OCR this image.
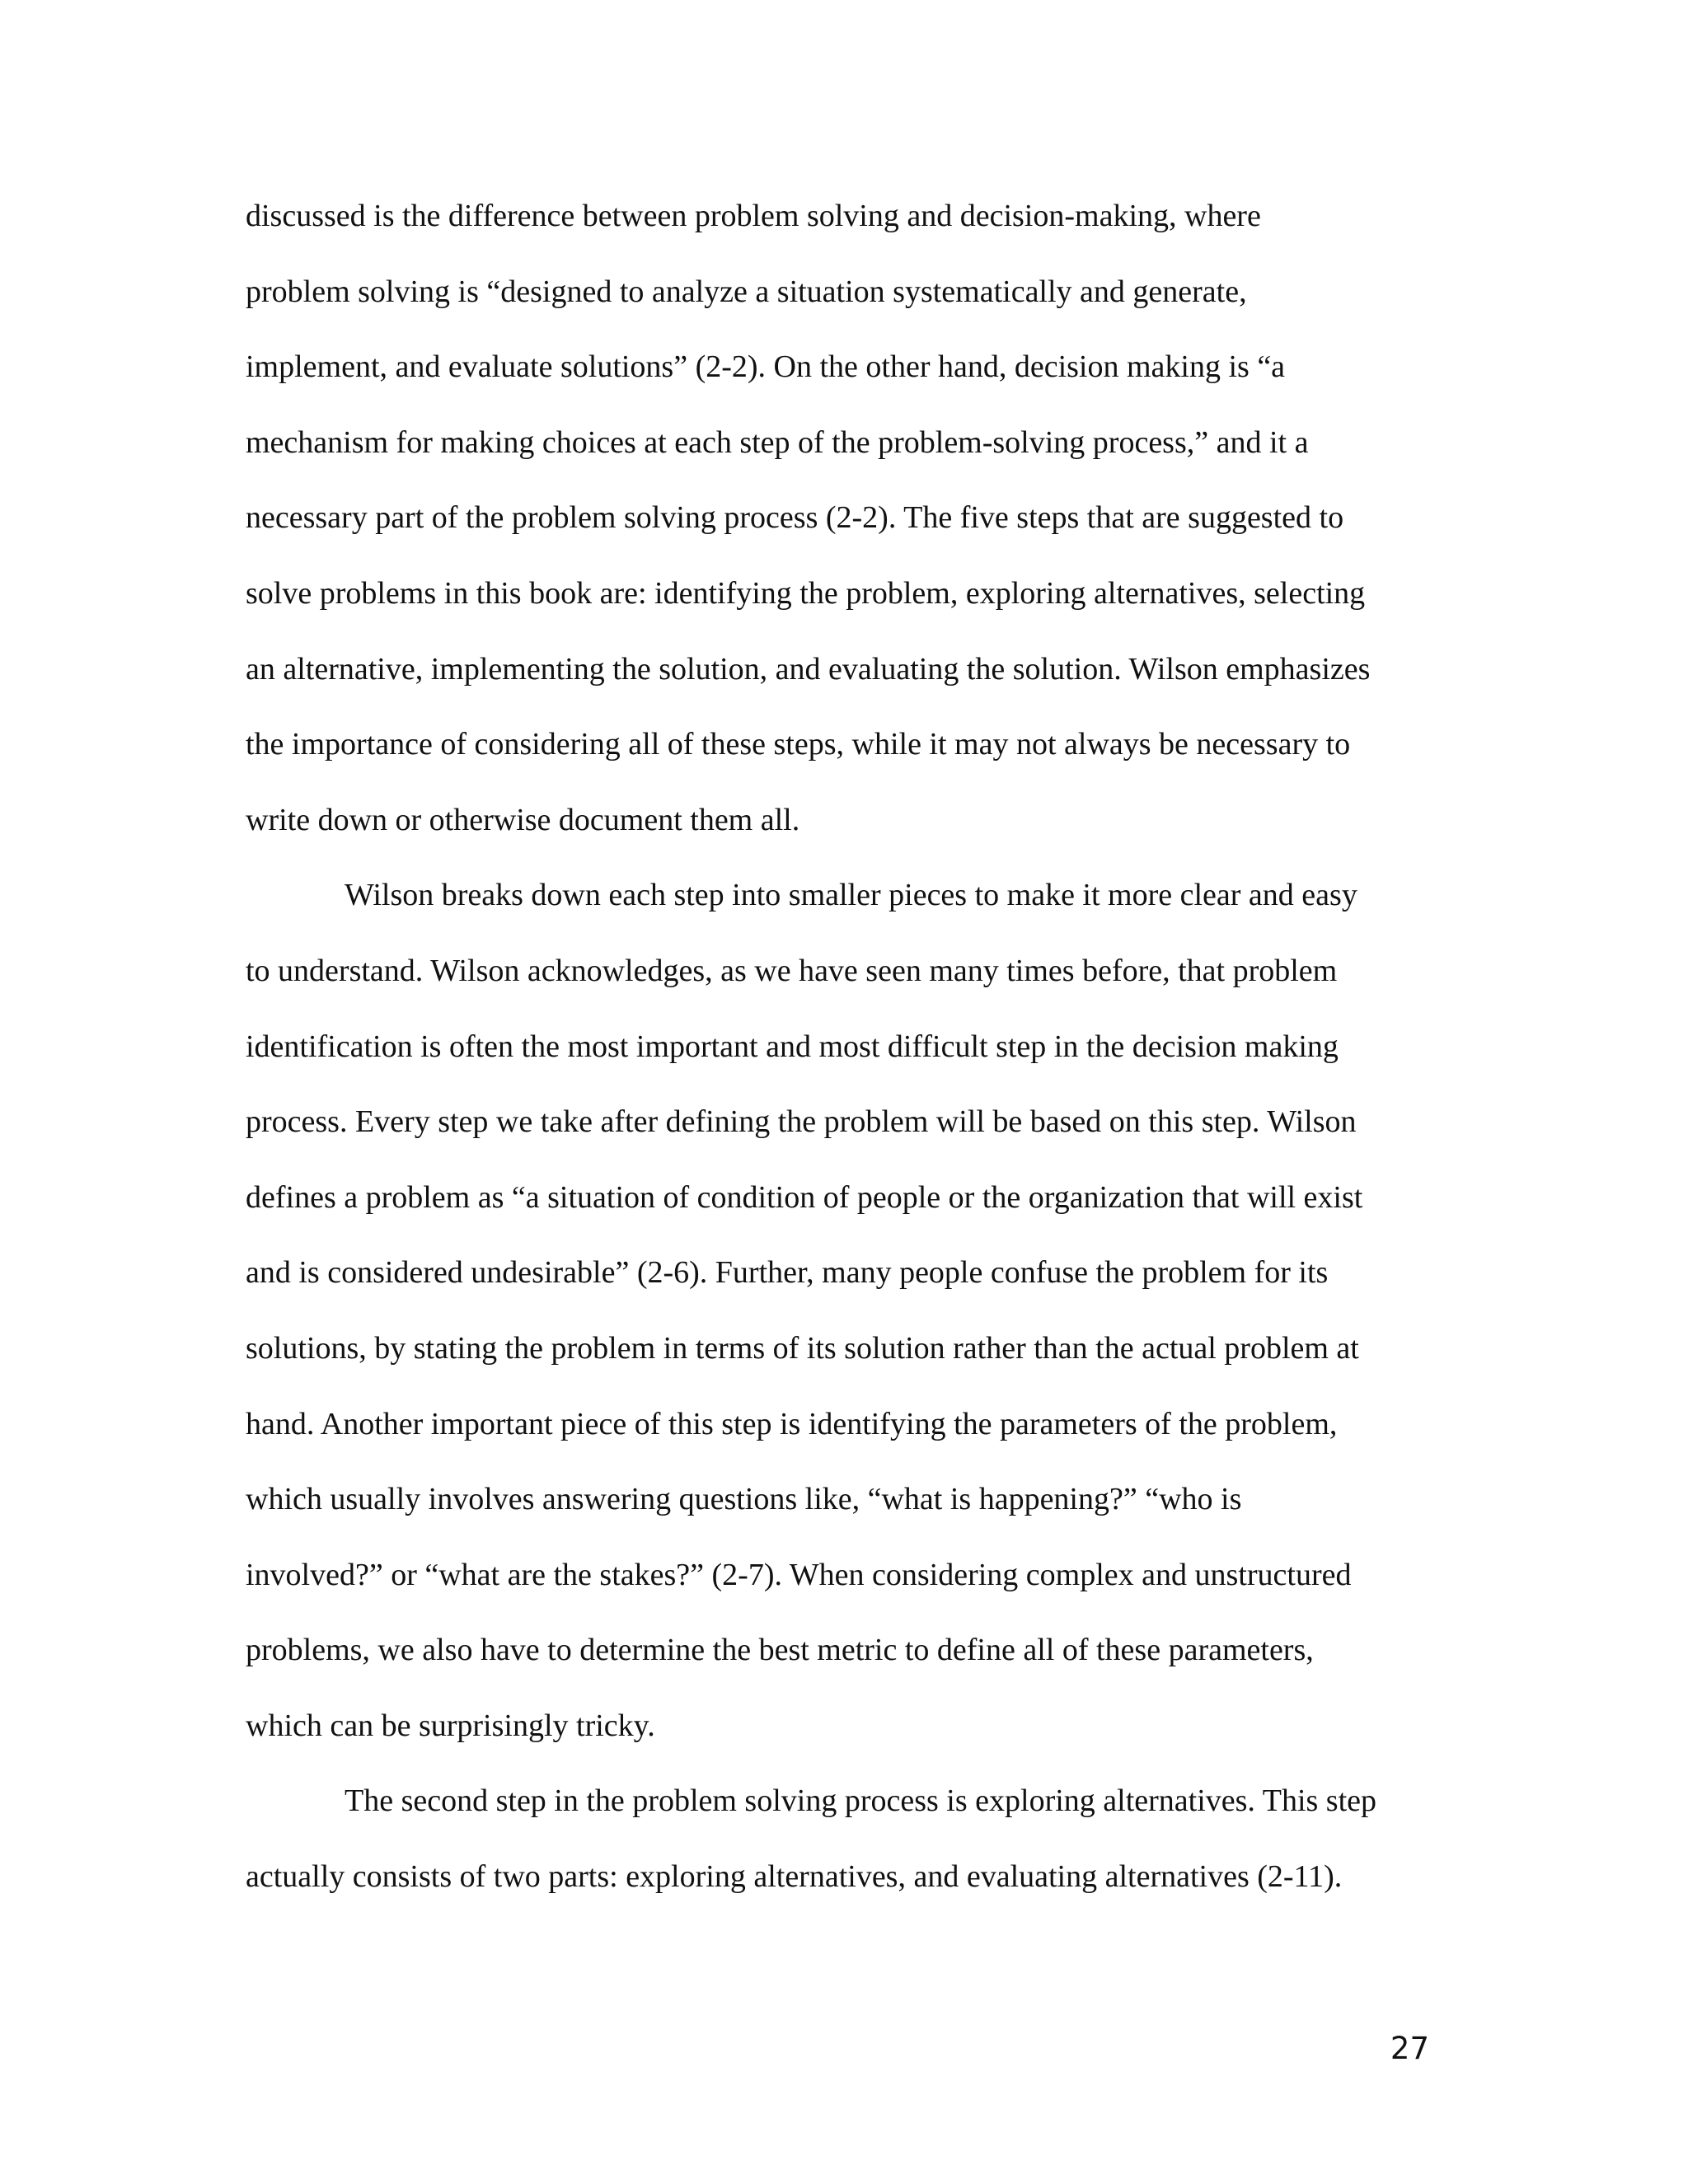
discussed is the difference between problem solving and decision-making, where
problem solving is “designed to analyze a situation systematically and generate,
implement, and evaluate solutions” (2-2). On the other hand, decision making is “a
mechanism for making choices at each step of the problem-solving process,” and it a
necessary part of the problem solving process (2-2). The five steps that are suggested to
solve problems in this book are: identifying the problem, exploring alternatives, selecting
an alternative, implementing the solution, and evaluating the solution. Wilson emphasizes
the importance of considering all of these steps, while it may not always be necessary to
write down or otherwise document them all.
Wilson breaks down each step into smaller pieces to make it more clear and easy
to understand. Wilson acknowledges, as we have seen many times before, that problem
identification is often the most important and most difficult step in the decision making
process. Every step we take after defining the problem will be based on this step. Wilson
defines a problem as “a situation of condition of people or the organization that will exist
and is considered undesirable” (2-6). Further, many people confuse the problem for its
solutions, by stating the problem in terms of its solution rather than the actual problem at
hand. Another important piece of this step is identifying the parameters of the problem,
which usually involves answering questions like, “what is happening?” “who is
involved?” or “what are the stakes?” (2-7). When considering complex and unstructured
problems, we also have to determine the best metric to define all of these parameters,
which can be surprisingly tricky.
The second step in the problem solving process is exploring alternatives. This step
actually consists of two parts: exploring alternatives, and evaluating alternatives (2-11).
27
